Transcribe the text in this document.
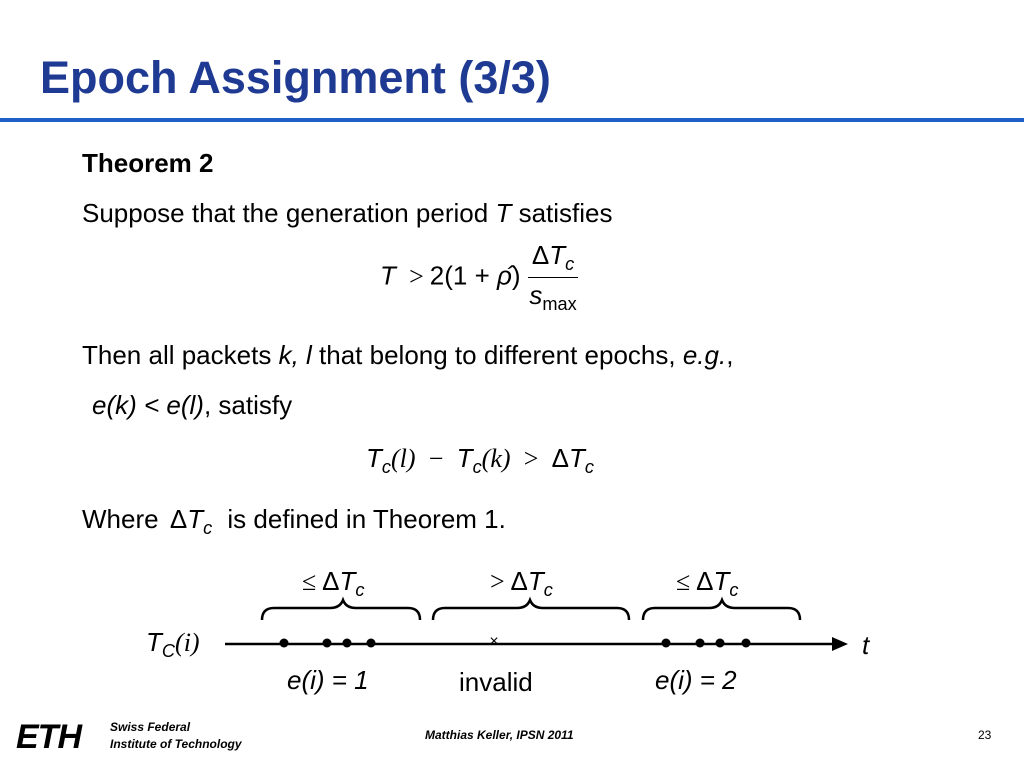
Epoch Assignment (3/3)
Theorem 2
Suppose that the generation period T satisfies
T > 2(1 + ρ̂) $\frac{\Delta T_c}{s_{max}}$
Then all packets k, l that belong to different epochs, e.g.,
e(k) < e(l), satisfy
$T_c(l) - T_c(k) > \Delta T_c$
Where $\Delta T_c$ is defined in Theorem 1.
≤ $\Delta T_c$	> $\Delta T_c$	≤ $\Delta T_c$
×
$T_C(i)$	t
e(i) = 1	invalid	e(i) = 2
ETH Swiss Federal
Institute of Technology
Matthias Keller, IPSN 2011	23
